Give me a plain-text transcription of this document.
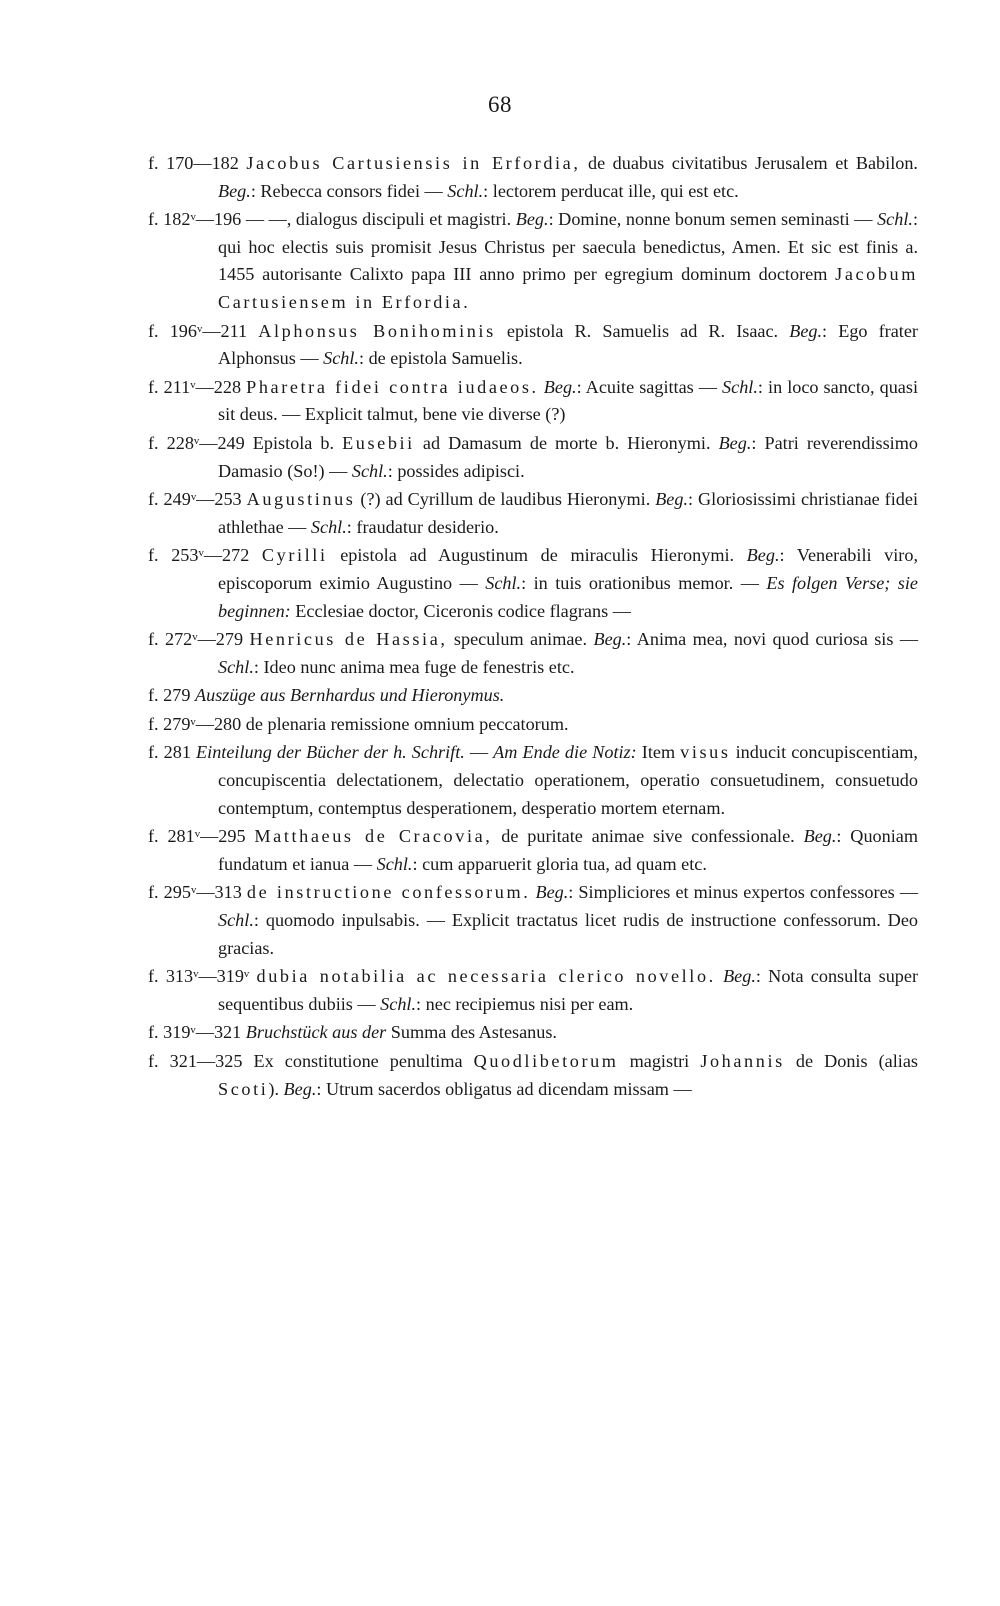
68
f. 170—182 Jacobus Cartusiensis in Erfordia, de duabus civitatibus Jerusalem et Babilon. Beg.: Rebecca consors fidei — Schl.: lectorem perducat ille, qui est etc.
f. 182ᵛ—196 — —, dialogus discipuli et magistri. Beg.: Domine, nonne bonum semen seminasti — Schl.: qui hoc electis suis promisit Jesus Christus per saecula benedictus, Amen. Et sic est finis a. 1455 autorisante Calixto papa III anno primo per egregium dominum doctorem Jacobum Cartusiensem in Erfordia.
f. 196ᵛ—211 Alphonsus Bonihominis epistola R. Samuelis ad R. Isaac. Beg.: Ego frater Alphonsus — Schl.: de epistola Samuelis.
f. 211ᵛ—228 Pharetra fidei contra iudaeos. Beg.: Acuite sagittas — Schl.: in loco sancto, quasi sit deus. — Explicit talmut, bene vie diverse (?)
f. 228ᵛ—249 Epistola b. Eusebii ad Damasum de morte b. Hieronymi. Beg.: Patri reverendissimo Damasio (So!) — Schl.: possides adipisci.
f. 249ᵛ—253 Augustinus (?) ad Cyrillum de laudibus Hieronymi. Beg.: Gloriosissimi christianae fidei athlethae — Schl.: fraudatur desiderio.
f. 253ᵛ—272 Cyrilli epistola ad Augustinum de miraculis Hieronymi. Beg.: Venerabili viro, episcoporum eximio Augustino — Schl.: in tuis orationibus memor. — Es folgen Verse; sie beginnen: Ecclesiae doctor, Ciceronis codice flagrans —
f. 272ᵛ—279 Henricus de Hassia, speculum animae. Beg.: Anima mea, novi quod curiosa sis — Schl.: Ideo nunc anima mea fuge de fenestris etc.
f. 279 Auszüge aus Bernhardus und Hieronymus.
f. 279ᵛ—280 de plenaria remissione omnium peccatorum.
f. 281 Einteilung der Bücher der h. Schrift. — Am Ende die Notiz: Item visus inducit concupiscentiam, concupiscentia delectationem, delectatio operationem, operatio consuetudinem, consuetudo contemptum, contemptus desperationem, desperatio mortem eternam.
f. 281ᵛ—295 Matthaeus de Cracovia, de puritate animae sive confessionale. Beg.: Quoniam fundatum et ianua — Schl.: cum apparuerit gloria tua, ad quam etc.
f. 295ᵛ—313 de instructione confessorum. Beg.: Simpliciores et minus expertos confessores — Schl.: quomodo inpulsabis. — Explicit tractatus licet rudis de instructione confessorum. Deo gracias.
f. 313ᵛ—319ᵛ dubia notabilia ac necessaria clerico novello. Beg.: Nota consulta super sequentibus dubiis — Schl.: nec recipiemus nisi per eam.
f. 319ᵛ—321 Bruchstück aus der Summa des Astesanus.
f. 321—325 Ex constitutione penultima Quodlibetorum magistri Johannis de Donis (alias Scoti). Beg.: Utrum sacerdos obligatus ad dicendam missam —
